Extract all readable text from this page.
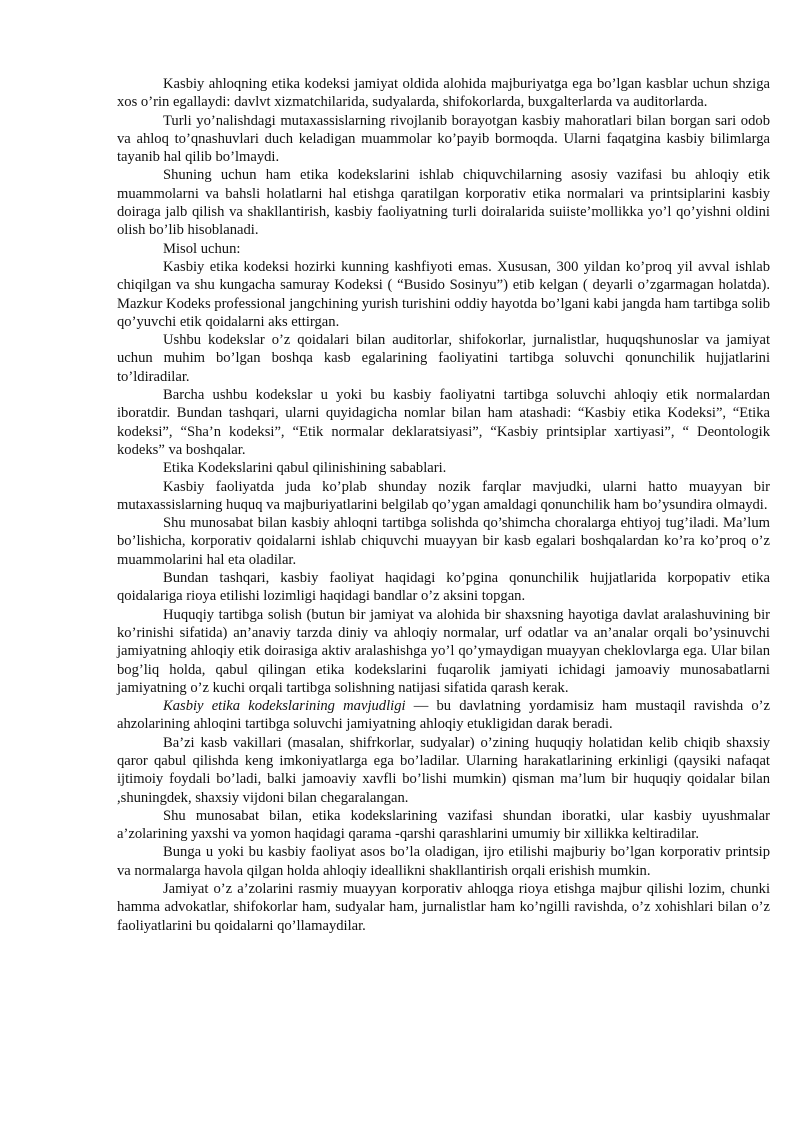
Kasbiy ahloqning etika kodeksi jamiyat oldida alohida majburiyatga ega bo’lgan kasblar uchun shziga xos o’rin egallaydi: davlvt xizmatchilarida, sudyalarda, shifokorlarda, buxgalterlarda va auditorlarda.

Turli yo’nalishdagi mutaxassislarning rivojlanib borayotgan kasbiy mahoratlari bilan borgan sari odob va ahloq to’qnashuvlari duch keladigan muammolar ko’payib bormoqda. Ularni faqatgina kasbiy bilimlarga tayanib hal qilib bo’lmaydi.

Shuning uchun ham etika kodekslarini ishlab chiquvchilarning asosiy vazifasi bu ahloqiy etik muammolarni va bahsli holatlarni hal etishga qaratilgan korporativ etika normalari va printsiplarini kasbiy doiraga jalb qilish va shakllantirish, kasbiy faoliyatning turli doiralarida suiiste’mollikka yo’l qo’yishni oldini olish bo’lib hisoblanadi.

Misol uchun:

Kasbiy etika kodeksi hozirki kunning kashfiyoti emas. Xususan, 300 yildan ko’proq yil avval ishlab chiqilgan va shu kungacha samuray Kodeksi ( “Busido Sosinyu”) etib kelgan ( deyarli o’zgarmagan holatda). Mazkur Kodeks professional jangchining yurish turishini oddiy hayotda bo’lgani kabi jangda ham tartibga solib qo’yuvchi etik qoidalarni aks ettirgan.

Ushbu kodekslar o’z qoidalari bilan auditorlar, shifokorlar, jurnalistlar, huquqshunoslar va jamiyat uchun muhim bo’lgan boshqa kasb egalarining faoliyatini tartibga soluvchi qonunchilik hujjatlarini to’ldiradilar.

Barcha ushbu kodekslar u yoki bu kasbiy faoliyatni tartibga soluvchi ahloqiy etik normalardan iboratdir. Bundan tashqari, ularni quyidagicha nomlar bilan ham atashadi: “Kasbiy etika Kodeksi”, “Etika kodeksi”, “Sha’n kodeksi”, “Etik normalar deklaratsiyasi”, “Kasbiy printsiplar xartiyasi”, “ Deontologik kodeks” va boshqalar.

Etika Kodekslarini qabul qilinishining sabablari.

Kasbiy faoliyatda juda ko’plab shunday nozik farqlar mavjudki, ularni hatto muayyan bir mutaxassislarning huquq va majburiyatlarini belgilab qo’ygan amaldagi qonunchilik ham bo’ysundira olmaydi.

Shu munosabat bilan kasbiy ahloqni tartibga solishda qo’shimcha choralarga ehtiyoj tug’iladi. Ma’lum bo’lishicha, korporativ qoidalarni ishlab chiquvchi muayyan bir kasb egalari boshqalardan ko’ra ko’proq o’z muammolarini hal eta oladilar.

Bundan tashqari, kasbiy faoliyat haqidagi ko’pgina qonunchilik hujjatlarida korpopativ etika qoidalariga rioya etilishi lozimligi haqidagi bandlar o’z aksini topgan.

Huquqiy tartibga solish (butun bir jamiyat va alohida bir shaxsning hayotiga davlat aralashuvining bir ko’rinishi sifatida) an’anaviy tarzda diniy va ahloqiy normalar, urf odatlar va an’analar orqali bo’ysinuvchi jamiyatning ahloqiy etik doirasiga aktiv aralashishga yo’l qo’ymaydigan muayyan cheklovlarga ega. Ular bilan bog’liq holda, qabul qilingan etika kodekslarini fuqarolik jamiyati ichidagi jamoaviy munosabatlarni jamiyatning o’z kuchi orqali tartibga solishning natijasi sifatida qarash kerak.

Kasbiy etika kodekslarining mavjudligi — bu davlatning yordamisiz ham mustaqil ravishda o’z ahzolarining ahloqini tartibga soluvchi jamiyatning ahloqiy etukligidan darak beradi.

Ba’zi kasb vakillari (masalan, shifrkorlar, sudyalar) o’zining huquqiy holatidan kelib chiqib shaxsiy qaror qabul qilishda keng imkoniyatlarga ega bo’ladilar. Ularning harakatlarining erkinligi (qaysiki nafaqat ijtimoiy foydali bo’ladi, balki jamoaviy xavfli bo’lishi mumkin) qisman ma’lum bir huquqiy qoidalar bilan ,shuningdek, shaxsiy vijdoni bilan chegaralangan.

Shu munosabat bilan, etika kodekslarining vazifasi shundan iboratki, ular kasbiy uyushmalar a’zolarining yaxshi va yomon haqidagi qarama -qarshi qarashlarini umumiy bir xillikka keltiradilar.

Bunga u yoki bu kasbiy faoliyat asos bo’la oladigan, ijro etilishi majburiy bo’lgan korporativ printsip va normalarga havola qilgan holda ahloqiy ideallikni shakllantirish orqali erishish mumkin.

Jamiyat o’z a’zolarini rasmiy muayyan korporativ ahloqga rioya etishga majbur qilishi lozim, chunki hamma advokatlar, shifokorlar ham, sudyalar ham, jurnalistlar ham ko’ngilli ravishda, o’z xohishlari bilan o’z faoliyatlarini bu qoidalarni qo’llamaydilar.
